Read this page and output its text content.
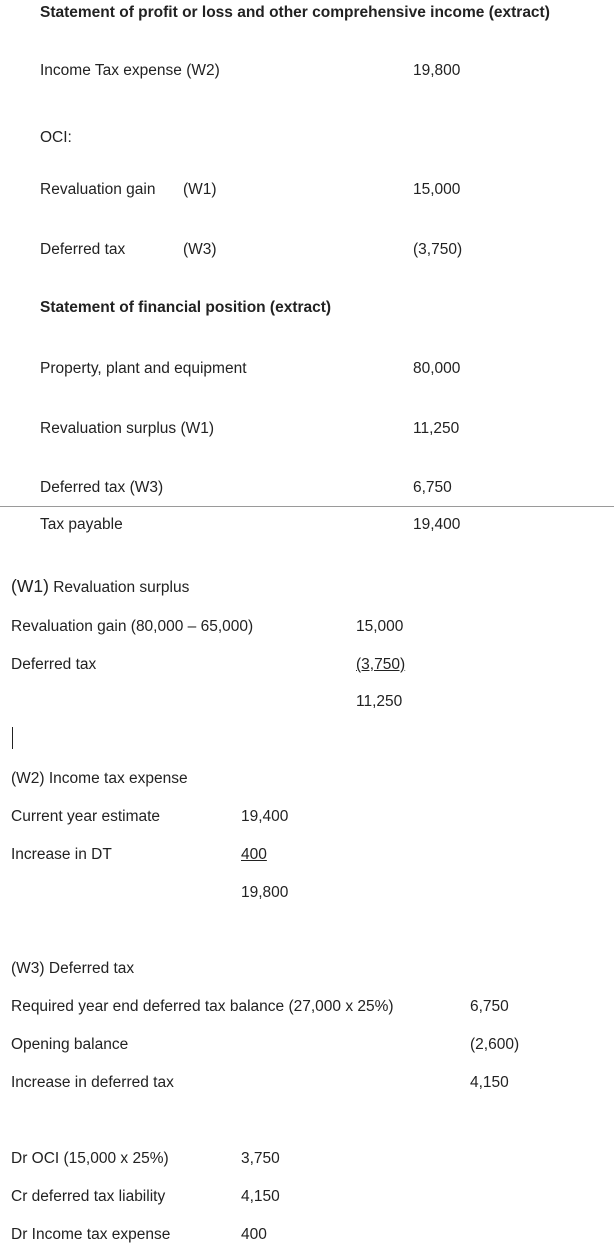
Statement of profit or loss and other comprehensive income (extract)
Income Tax expense (W2)	19,800
OCI:
Revaluation gain (W1)	15,000
Deferred tax	(W3)	(3,750)
Statement of financial position (extract)
Property, plant and equipment	80,000
Revaluation surplus (W1)	11,250
Deferred tax (W3)	6,750
Tax payable	19,400
(W1) Revaluation surplus
Revaluation gain (80,000 – 65,000)	15,000
Deferred tax	(3,750)
11,250
(W2) Income tax expense
Current year estimate	19,400
Increase in DT	400
19,800
(W3) Deferred tax
Required year end deferred tax balance (27,000 x 25%)	6,750
Opening balance	(2,600)
Increase in deferred tax	4,150
Dr OCI (15,000 x 25%)	3,750
Cr deferred tax liability	4,150
Dr Income tax expense	400
